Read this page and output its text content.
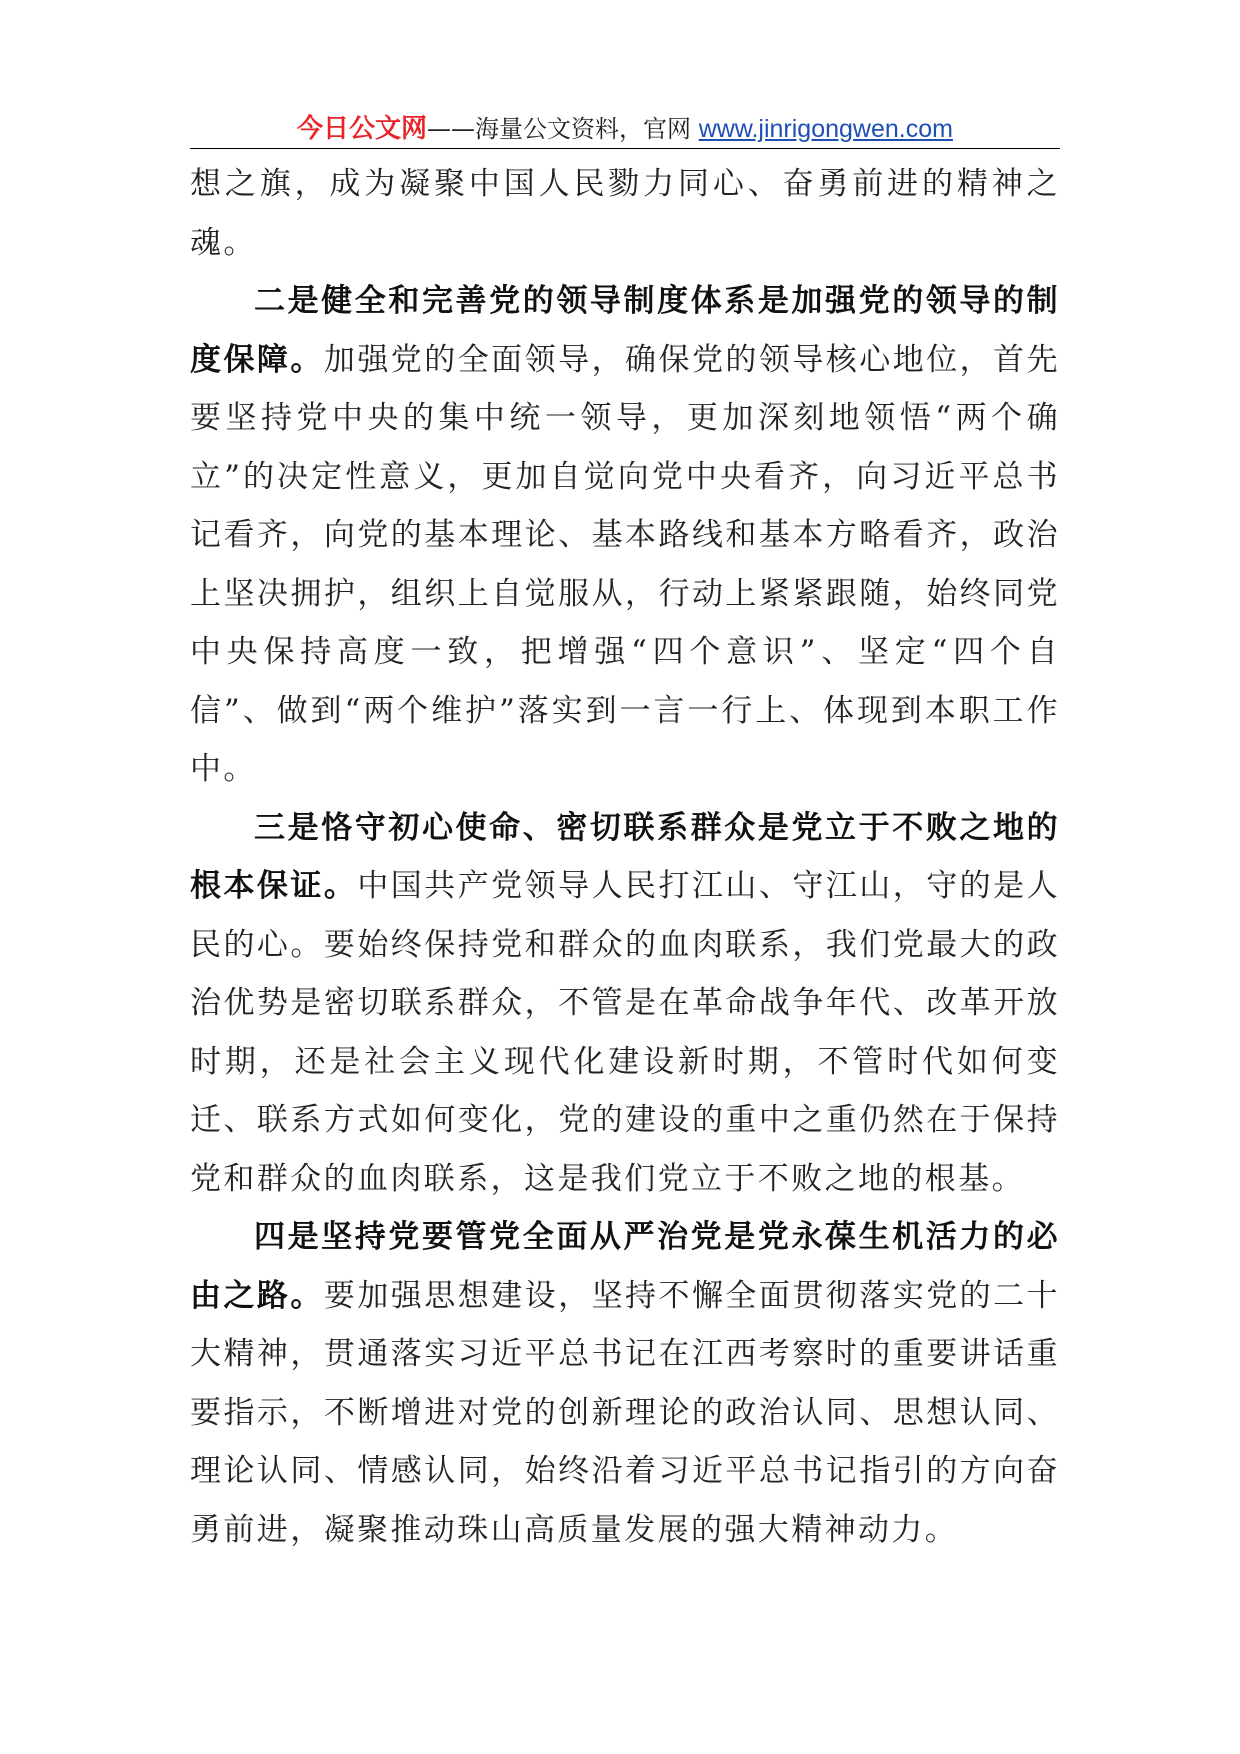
今日公文网——海量公文资料，官网 www.jinrigongwen.com

想之旗，成为凝聚中国人民勠力同心、奋勇前进的精神之魂。

二是健全和完善党的领导制度体系是加强党的领导的制度保障。加强党的全面领导，确保党的领导核心地位，首先要坚持党中央的集中统一领导，更加深刻地领悟“两个确立”的决定性意义，更加自觉向党中央看齐，向习近平总书记看齐，向党的基本理论、基本路线和基本方略看齐，政治上坚决拥护，组织上自觉服从，行动上紧紧跟随，始终同党中央保持高度一致，把增强“四个意识”、坚定“四个自信”、做到“两个维护”落实到一言一行上、体现到本职工作中。

三是恪守初心使命、密切联系群众是党立于不败之地的根本保证。中国共产党领导人民打江山、守江山，守的是人民的心。要始终保持党和群众的血肉联系，我们党最大的政治优势是密切联系群众，不管是在革命战争年代、改革开放时期，还是社会主义现代化建设新时期，不管时代如何变迁、联系方式如何变化，党的建设的重中之重仍然在于保持党和群众的血肉联系，这是我们党立于不败之地的根基。

四是坚持党要管党全面从严治党是党永葆生机活力的必由之路。要加强思想建设，坚持不懈全面贯彻落实党的二十大精神，贯通落实习近平总书记在江西考察时的重要讲话重要指示，不断增进对党的创新理论的政治认同、思想认同、理论认同、情感认同，始终沿着习近平总书记指引的方向奋勇前进，凝聚推动珠山高质量发展的强大精神动力。
